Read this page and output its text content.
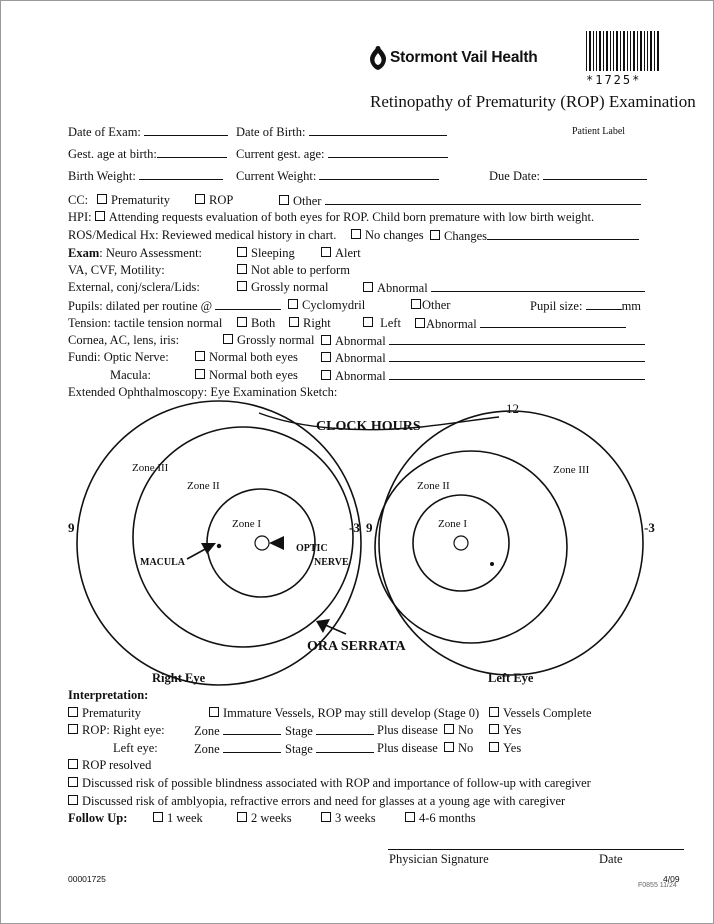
Stormont Vail Health
*1725*
Retinopathy of Prematurity (ROP) Examination
Date of Exam:	Date of Birth:	Patient Label
Gest. age at birth:	Current gest. age:
Birth Weight:	Current Weight:	Due Date:
CC:	Prematurity	ROP	Other
HPI: Attending requests evaluation of both eyes for ROP. Child born premature with low birth weight.
ROS/Medical Hx: Reviewed medical history in chart.	No changes	Changes
Exam: Neuro Assessment:	Sleeping	Alert
VA, CVF, Motility:	Not able to perform
External, conj/sclera/Lids:	Grossly normal	Abnormal
Pupils: dilated per routine @	Cyclomydril	Other	Pupil size:	mm
Tension: tactile tension normal	Both	Right	Left	Abnormal
Cornea, AC, lens, iris:	Grossly normal	Abnormal
Fundi: Optic Nerve:	Normal both eyes	Abnormal
Macula:	Normal both eyes	Abnormal
Extended Ophthalmoscopy: Eye Examination Sketch:
CLOCK HOURS
12
9	-3 9	-3
Zone III
Zone II
Zone I
Zone III
Zone II
Zone I
MACULA
OPTIC
NERVE
ORA SERRATA
Right Eye	Left Eye
Interpretation:
Prematurity	Immature Vessels, ROP may still develop (Stage 0)	Vessels Complete
ROP: Right eye: Zone	Stage	Plus disease	No	Yes
Left eye:	Zone	Stage	Plus disease	No	Yes
ROP resolved
Discussed risk of possible blindness associated with ROP and importance of follow-up with caregiver
Discussed risk of amblyopia, refractive errors and need for glasses at a young age with caregiver
Follow Up:	1 week	2 weeks	3 weeks	4-6 months
Physician Signature	Date
00001725	4/09
F0855 11/24
